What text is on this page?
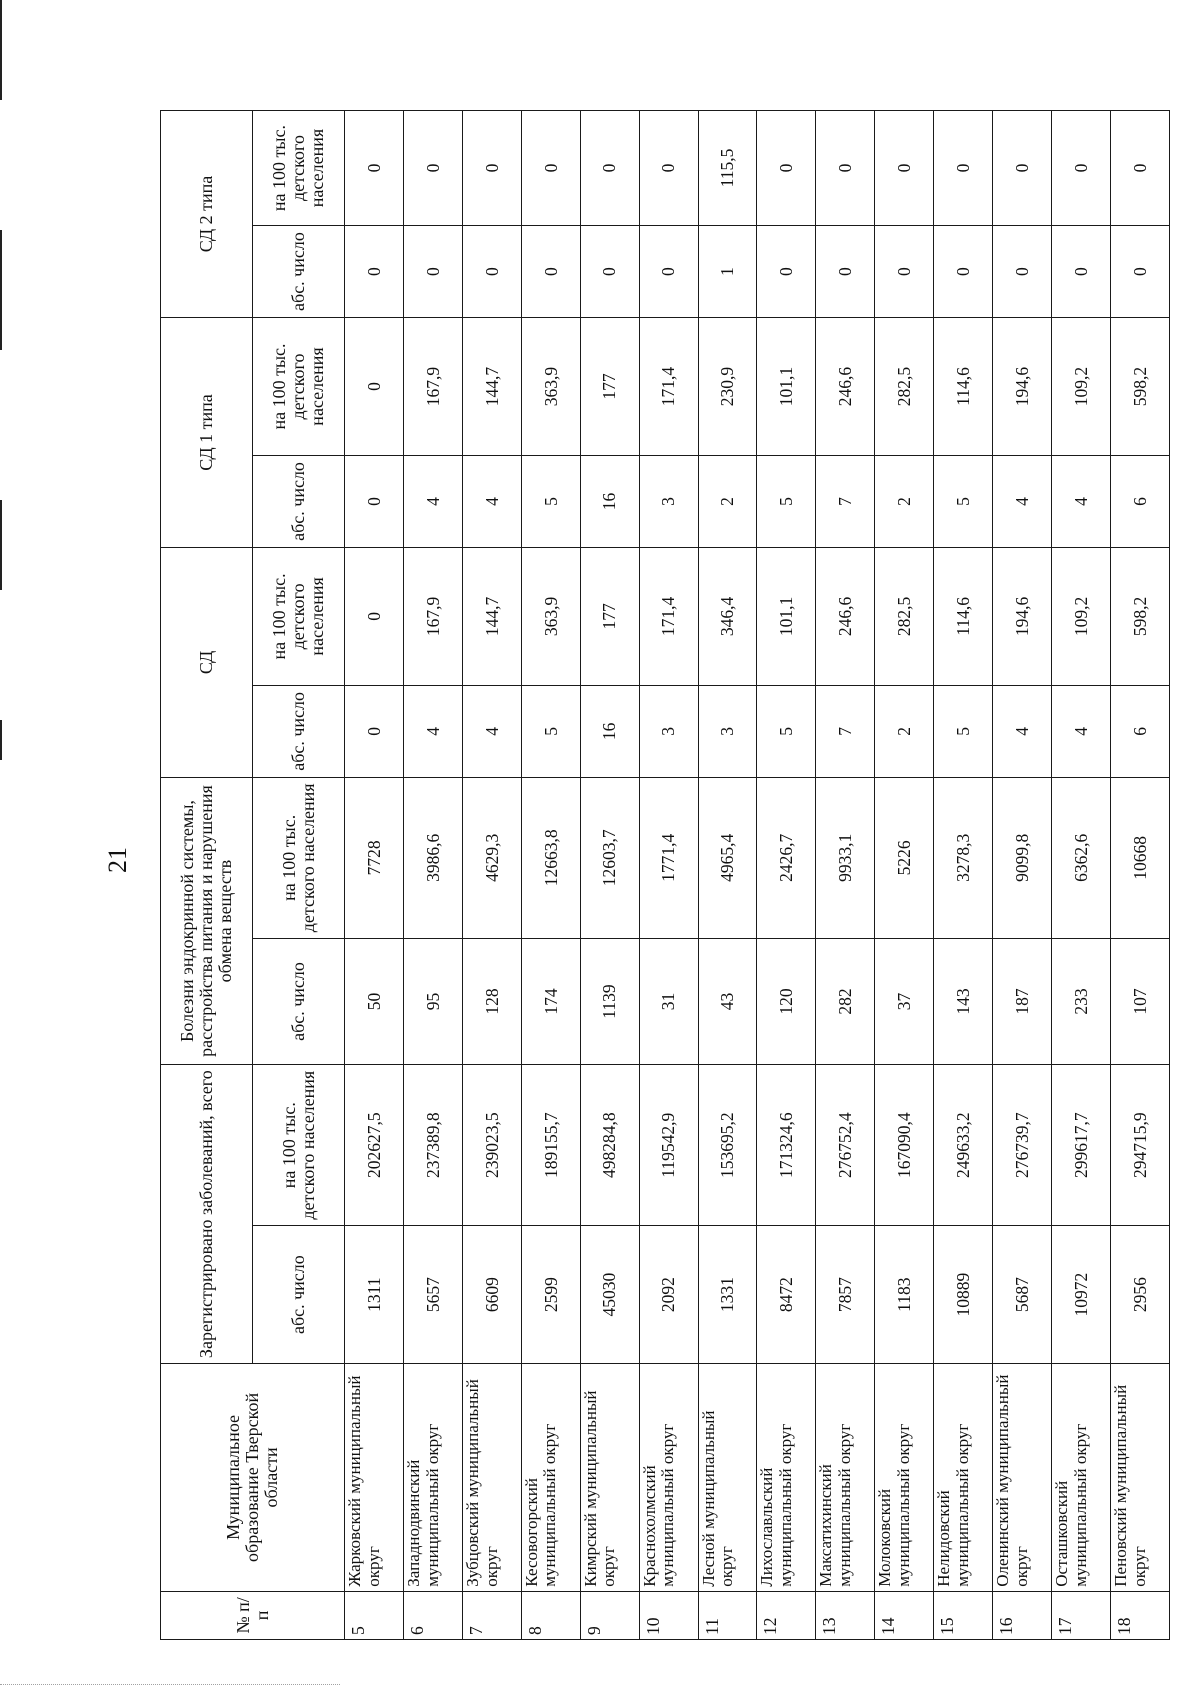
21
№ п/п	Муниципальное образование Тверской области	Зарегистрировано заболеваний, всего		Болезни эндокринной системы, расстройства питания и нарушения обмена веществ		СД		СД 1 типа		СД 2 типа	
		абс. число	на 100 тыс. детского населения	абс. число	на 100 тыс. детского населения	абс. число	на 100 тыс. детского населения	абс. число	на 100 тыс. детского населения	абс. число	на 100 тыс. детского населения
5	Жарковский муниципальный округ	1311	202627,5	50	7728	0	0	0	0	0	0
6	Западнодвинский муниципальный округ	5657	237389,8	95	3986,6	4	167,9	4	167,9	0	0
7	Зубцовский муниципальный округ	6609	239023,5	128	4629,3	4	144,7	4	144,7	0	0
8	Кесовогорский муниципальный округ	2599	189155,7	174	12663,8	5	363,9	5	363,9	0	0
9	Кимрский муниципальный округ	45030	498284,8	1139	12603,7	16	177	16	177	0	0
10	Краснохолмский муниципальный округ	2092	119542,9	31	1771,4	3	171,4	3	171,4	0	0
11	Лесной муниципальный округ	1331	153695,2	43	4965,4	3	346,4	2	230,9	1	115,5
12	Лихославльский муниципальный округ	8472	171324,6	120	2426,7	5	101,1	5	101,1	0	0
13	Максатихинский муниципальный округ	7857	276752,4	282	9933,1	7	246,6	7	246,6	0	0
14	Молоковский муниципальный округ	1183	167090,4	37	5226	2	282,5	2	282,5	0	0
15	Нелидовский муниципальный округ	10889	249633,2	143	3278,3	5	114,6	5	114,6	0	0
16	Оленинский муниципальный округ	5687	276739,7	187	9099,8	4	194,6	4	194,6	0	0
17	Осташковский муниципальный округ	10972	299617,7	233	6362,6	4	109,2	4	109,2	0	0
18	Пеновский муниципальный округ	2956	294715,9	107	10668	6	598,2	6	598,2	0	0
